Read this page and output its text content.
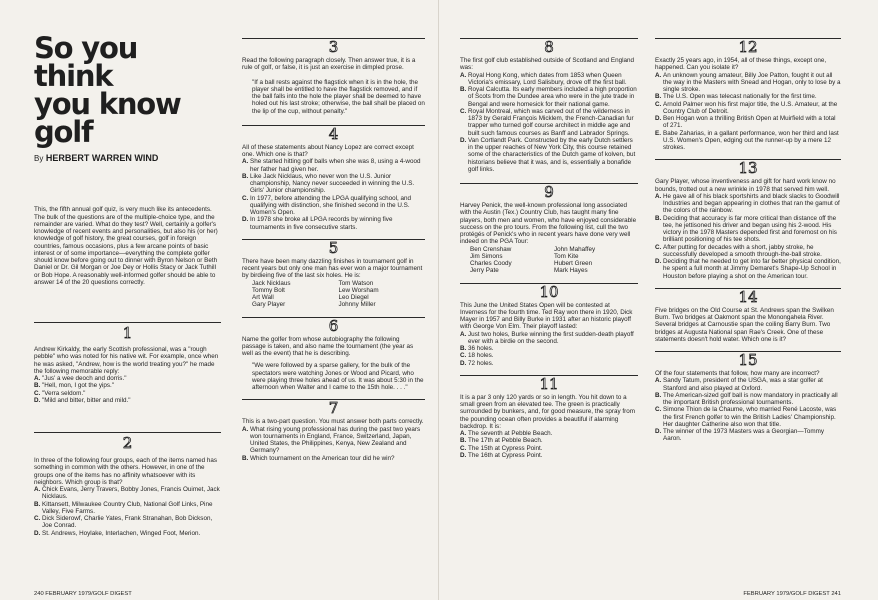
So you think

you know golf

By HERBERT WARREN WIND

This, the fifth annual golf quiz, is very much like its antecedents. The bulk of the questions are of the multiple-choice type, and the remainder are varied. What do they test? Well, certainly a golfer's knowledge of recent events and personalities, but also his (or her) knowledge of golf history, the great courses, golf in foreign countries, famous occasions, plus a few arcane points of basic interest or of some importance—everything the complete golfer should know before going out to dinner with Byron Nelson or Beth Daniel or Dr. Gil Morgan or Joe Dey or Hollis Stacy or Jack Tuthill or Bob Hope. A reasonably well-informed golfer should be able to answer 14 of the 20 questions correctly.

1

Andrew Kirkaldy, the early Scottish professional, was a "rough pebble" who was noted for his native wit. For example, once when he was asked, "Andrew, how is the world treating you?" he made the following memorable reply:

A. "Jus' a wee deoch and dorris."
B. "Hell, mon, I got the yips."
C. "Verra seldom."
D. "Mild and bitter, bitter and mild."
2

In three of the following four groups, each of the items named has something in common with the others. However, in one of the groups one of the items has no affinity whatsoever with its neighbors. Which group is that?

A. Chick Evans, Jerry Travers, Bobby Jones, Francis Ouimet, Jack Nicklaus.
B. Kittansett, Milwaukee Country Club, National Golf Links, Pine Valley, Five Farms.
C. Dick Siderowf, Charlie Yates, Frank Stranahan, Bob Dickson, Joe Conrad.
D. St. Andrews, Hoylake, Interlachen, Winged Foot, Merion.
3

Read the following paragraph closely. Then answer true, it is a rule of golf, or false, it is just an exercise in dimpled prose.

"If a ball rests against the flagstick when it is in the hole, the player shall be entitled to have the flagstick removed, and if the ball falls into the hole the player shall be deemed to have holed out his last stroke; otherwise, the ball shall be placed on the lip of the cup, without penalty."

4

All of these statements about Nancy Lopez are correct except one. Which one is that?

A. She started hitting golf balls when she was 8, using a 4-wood her father had given her.
B. Like Jack Nicklaus, who never won the U.S. Junior championship, Nancy never succeeded in winning the U.S. Girls' Junior championship.
C. In 1977, before attending the LPGA qualifying school, and qualifying with distinction, she finished second in the U.S. Women's Open.
D. In 1978 she broke all LPGA records by winning five tournaments in five consecutive starts.
5

There have been many dazzling finishes in tournament golf in recent years but only one man has ever won a major tournament by birdieing five of the last six holes. He is:

Jack Nicklaus	Tom Watson
Tommy Bolt	Lew Worsham
Art Wall	Leo Diegel
Gary Player	Johnny Miller
6

Name the golfer from whose autobiography the following passage is taken, and also name the tournament (the year as well as the event) that he is describing.

"We were followed by a sparse gallery, for the bulk of the spectators were watching Jones or Wood and Picard, who were playing three holes ahead of us. It was about 5:30 in the afternoon when Walter and I came to the 15th hole. . . ."

7

This is a two-part question. You must answer both parts correctly.

A. What rising young professional has during the past two years won tournaments in England, France, Switzerland, Japan, United States, the Philippines, Kenya, New Zealand and Germany?
B. Which tournament on the American tour did he win?
8

The first golf club established outside of Scotland and England was:

A. Royal Hong Kong, which dates from 1853 when Queen Victoria's emissary, Lord Salisbury, drove off the first ball.
B. Royal Calcutta. Its early members included a high proportion of Scots from the Dundee area who were in the jute trade in Bengal and were homesick for their national game.
C. Royal Montreal, which was carved out of the wilderness in 1873 by Gerald François Micklem, the French-Canadian fur trapper who turned golf course architect in middle age and built such famous courses as Banff and Labrador Springs.
D. Van Cortlandt Park. Constructed by the early Dutch settlers in the upper reaches of New York City, this course retained some of the characteristics of the Dutch game of kolven, but historians believe that it was, and is, essentially a bonafide golf links.
9

Harvey Penick, the well-known professional long associated with the Austin (Tex.) Country Club, has taught many fine players, both men and women, who have enjoyed considerable success on the pro tours. From the following list, cull the two protégés of Penick's who in recent years have done very well indeed on the PGA Tour:

Ben Crenshaw	John Mahaffey
Jim Simons	Tom Kite
Charles Coody	Hubert Green
Jerry Pate	Mark Hayes
10

This June the United States Open will be contested at Inverness for the fourth time. Ted Ray won there in 1920, Dick Mayer in 1957 and Billy Burke in 1931 after an historic playoff with George Von Elm. Their playoff lasted:

A. Just two holes, Burke winning the first sudden-death playoff ever with a birdie on the second.
B. 36 holes.
C. 18 holes.
D. 72 holes.
11

It is a par 3 only 120 yards or so in length. You hit down to a small green from an elevated tee. The green is practically surrounded by bunkers, and, for good measure, the spray from the pounding ocean often provides a beautiful if alarming backdrop. It is:

A. The seventh at Pebble Beach.
B. The 17th at Pebble Beach.
C. The 15th at Cypress Point.
D. The 16th at Cypress Point.
12

Exactly 25 years ago, in 1954, all of these things, except one, happened. Can you isolate it?

A. An unknown young amateur, Billy Joe Patton, fought it out all the way in the Masters with Snead and Hogan, only to lose by a single stroke.
B. The U.S. Open was telecast nationally for the first time.
C. Arnold Palmer won his first major title, the U.S. Amateur, at the Country Club of Detroit.
D. Ben Hogan won a thrilling British Open at Muirfield with a total of 271.
E. Babe Zaharias, in a gallant performance, won her third and last U.S. Women's Open, edging out the runner-up by a mere 12 strokes.
13

Gary Player, whose inventiveness and gift for hard work know no bounds, trotted out a new wrinkle in 1978 that served him well.

A. He gave all of his black sportshirts and black slacks to Goodwill Industries and began appearing in clothes that ran the gamut of the colors of the rainbow.
B. Deciding that accuracy is far more critical than distance off the tee, he jettisoned his driver and began using his 2-wood. His victory in the 1978 Masters depended first and foremost on his brilliant positioning of his tee shots.
C. After putting for decades with a short, jabby stroke, he successfully developed a smooth through-the-ball stroke.
D. Deciding that he needed to get into far better physical condition, he spent a full month at Jimmy Demaret's Shape-Up School in Houston before playing a shot on the American tour.
14

Five bridges on the Old Course at St. Andrews span the Swilken Burn. Two bridges at Oakmont span the Monongahela River. Several bridges at Carnoustie span the coiling Barry Burn. Two bridges at Augusta National span Rae's Creek. One of these statements doesn't hold water. Which one is it?

15

Of the four statements that follow, how many are incorrect?

A. Sandy Tatum, president of the USGA, was a star golfer at Stanford and also played at Oxford.
B. The American-sized golf ball is now mandatory in practically all the important British professional tournaments.
C. Simone Thion de la Chaume, who married René Lacoste, was the first French golfer to win the British Ladies' Championship. Her daughter Catherine also won that title.
D. The winner of the 1973 Masters was a Georgian—Tommy Aaron.
240 FEBRUARY 1979/GOLF DIGEST	FEBRUARY 1979/GOLF DIGEST 241
